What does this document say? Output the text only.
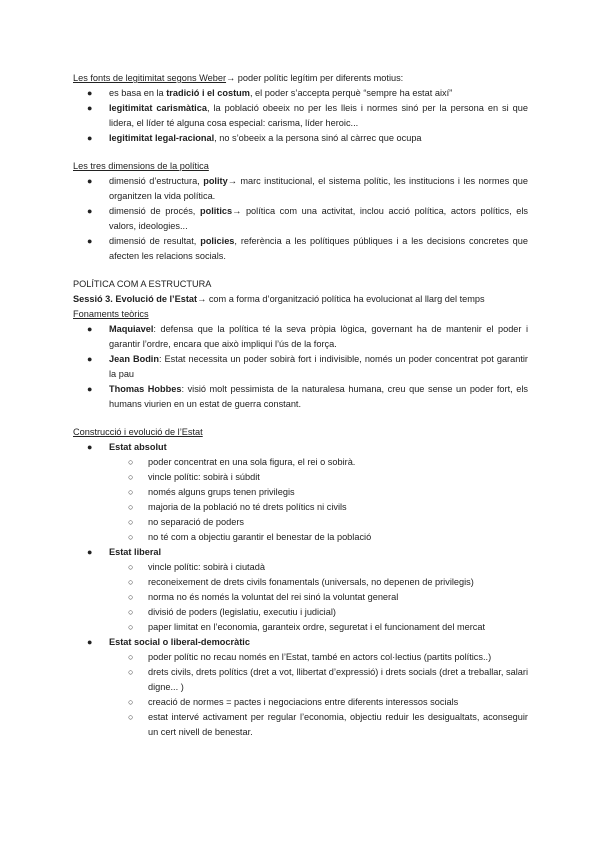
Les fonts de legitimitat segons Weber→ poder polític legítim per diferents motius:

● es basa en la tradició i el costum, el poder s’accepta perquè “sempre ha estat així”
● legitimitat carismàtica, la població obeeix no per les lleis i normes sinó per la persona en si que lidera, el líder té alguna cosa especial: carisma, líder heroic...
● legitimitat legal-racional, no s’obeeix a la persona sinó al càrrec que ocupa

Les tres dimensions de la política

● dimensió d’estructura, polity→ marc institucional, el sistema polític, les institucions i les normes que organitzen la vida política.
● dimensió de procés, politics→ política com una activitat, inclou acció política, actors polítics, els valors, ideologies...
● dimensió de resultat, policies, referència a les polítiques públiques i a les decisions concretes que afecten les relacions socials.

POLÍTICA COM A ESTRUCTURA

Sessió 3. Evolució de l’Estat→ com a forma d’organització política ha evolucionat al llarg del temps

Fonaments teòrics

● Maquiavel: defensa que la política té la seva pròpia lògica, governant ha de mantenir el poder i garantir l’ordre, encara que això impliqui l’ús de la força.
● Jean Bodin: Estat necessita un poder sobirà fort i indivisible, només un poder concentrat pot garantir la pau
● Thomas Hobbes: visió molt pessimista de la naturalesa humana, creu que sense un poder fort, els humans viurien en un estat de guerra constant.

Construcció i evolució de l’Estat

● Estat absolut
○ poder concentrat en una sola figura, el rei o sobirà.
○ vincle polític: sobirà i súbdit
○ només alguns grups tenen privilegis
○ majoria de la població no té drets polítics ni civils
○ no separació de poders
○ no té com a objectiu garantir el benestar de la població
● Estat liberal
○ vincle polític: sobirà i ciutadà
○ reconeixement de drets civils fonamentals (universals, no depenen de privilegis)
○ norma no és només la voluntat del rei sinó la voluntat general
○ divisió de poders (legislatiu, executiu i judicial)
○ paper limitat en l’economia, garanteix ordre, seguretat i el funcionament del mercat
● Estat social o liberal-democràtic
○ poder polític no recau només en l’Estat, també en actors col·lectius (partits polítics..)
○ drets civils, drets polítics (dret a vot, llibertat d’expressió) i drets socials (dret a treballar, salari digne... )
○ creació de normes = pactes i negociacions entre diferents interessos socials
○ estat intervé activament per regular l’economia, objectiu reduir les desigualtats, aconseguir un cert nivell de benestar.
